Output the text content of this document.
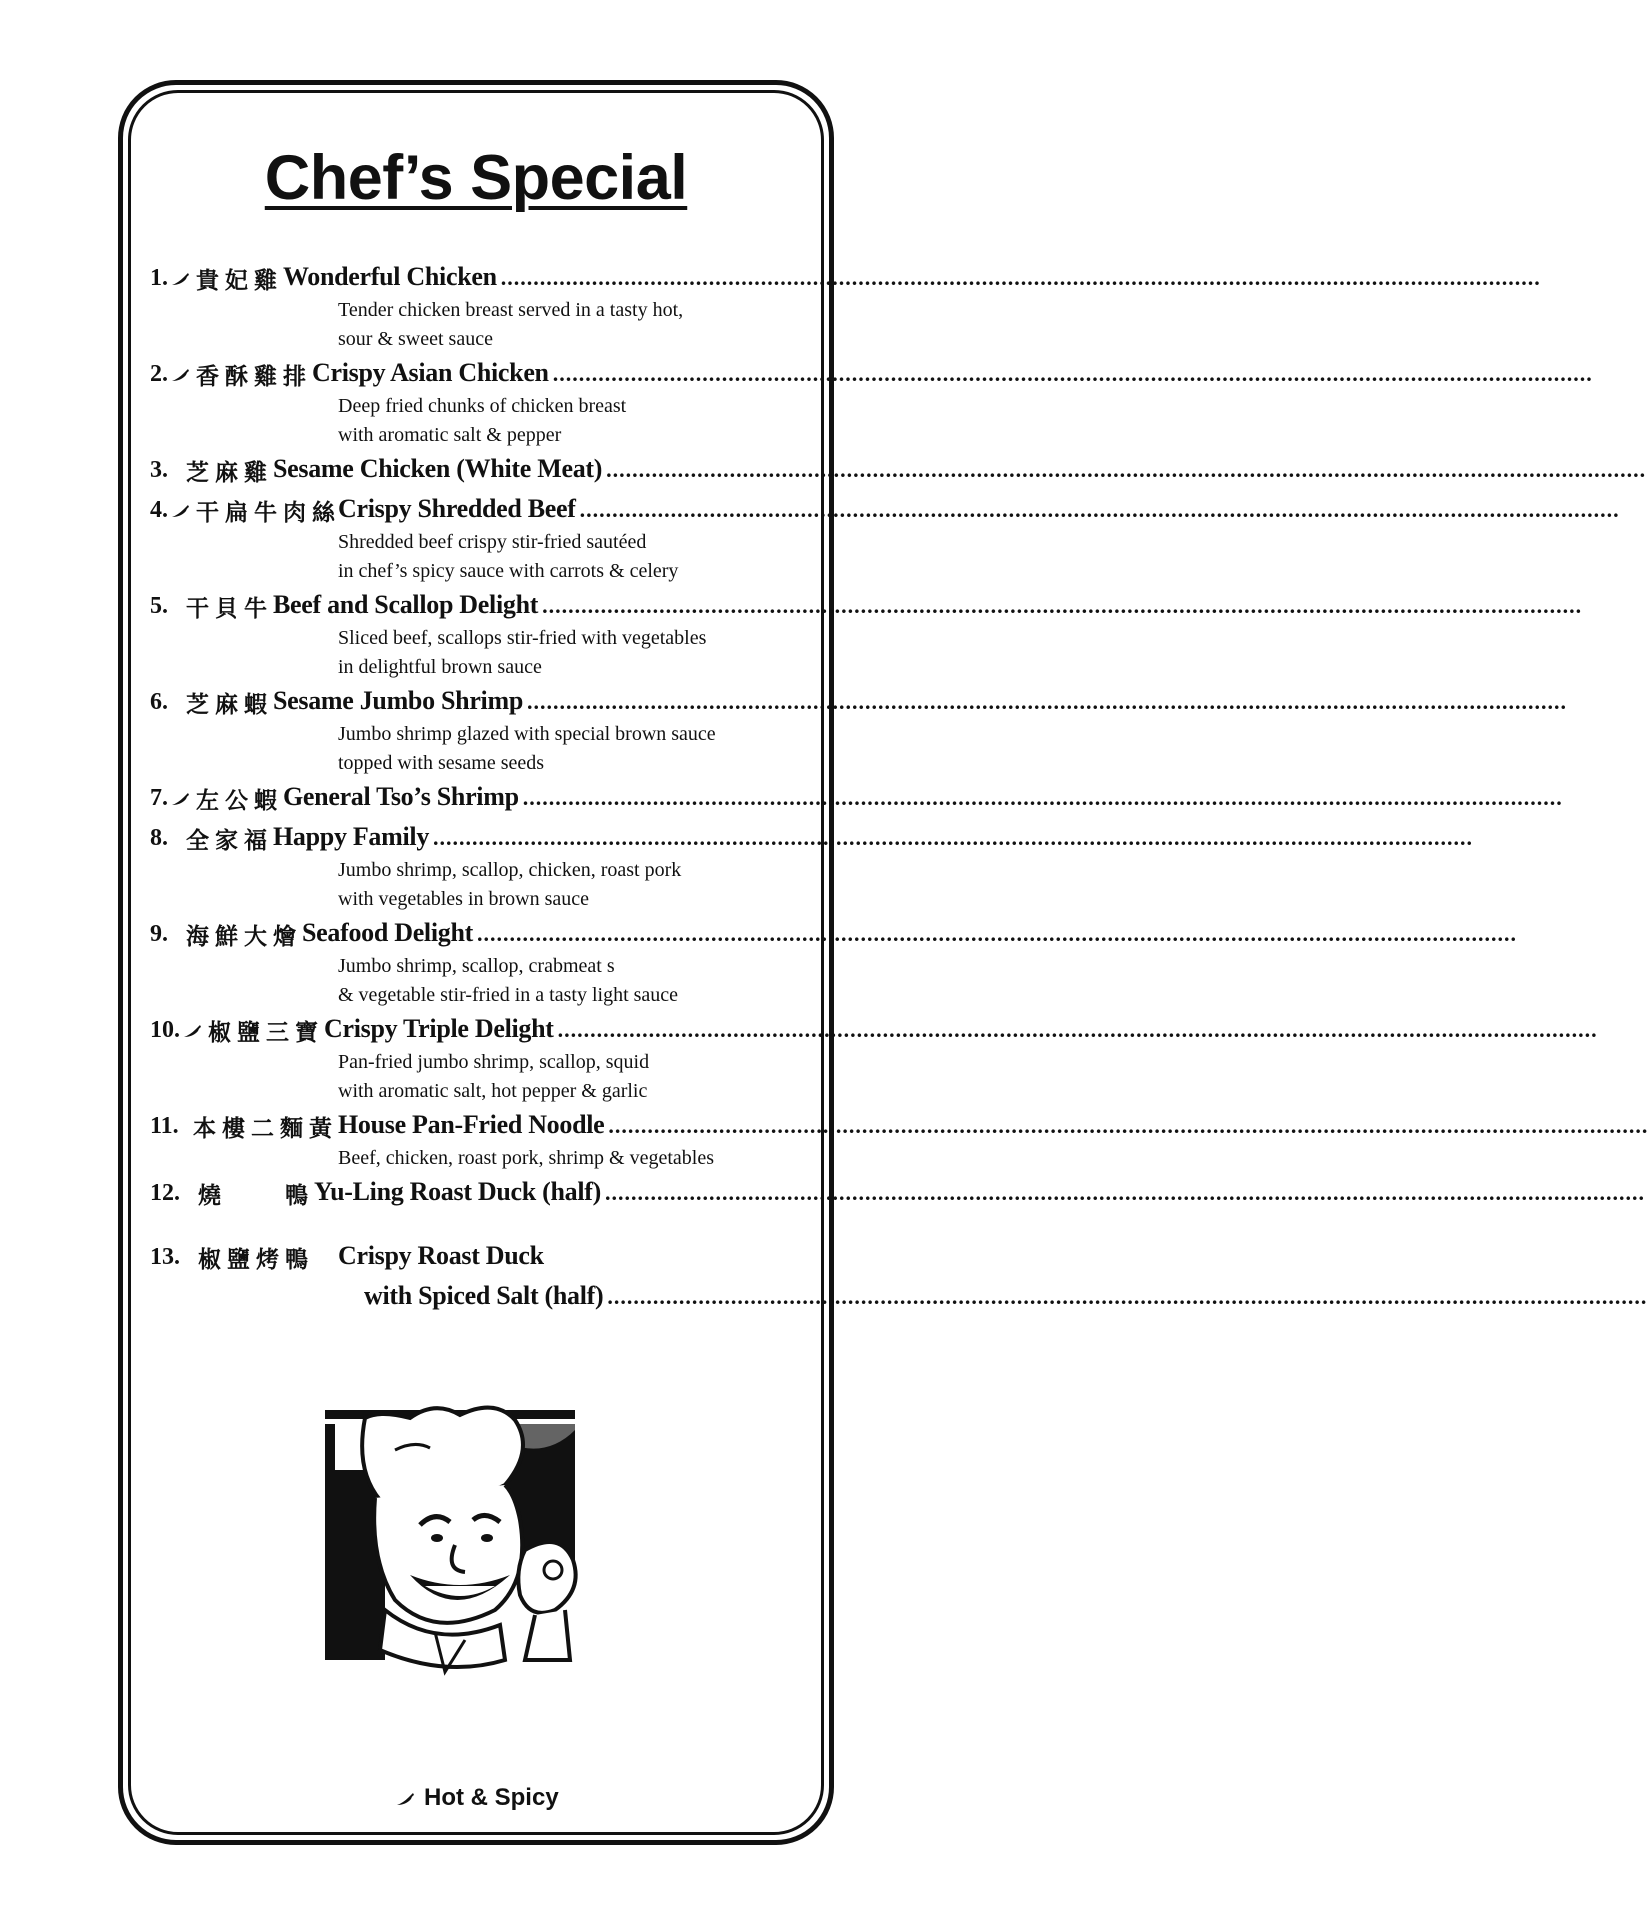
Chef’s Special
1. 貴妃雞 Wonderful Chicken ................................................................................................................................................................
Tender chicken breast served in a tasty hot,
sour & sweet sauce
2. 香酥雞排 Crispy Asian Chicken ................................................................................................................................................................
Deep fried chunks of chicken breast
with aromatic salt & pepper
3. 芝麻雞 Sesame Chicken (White Meat) ................................................................................................................................................................
4. 干扁牛肉絲
Crispy Shredded Beef ................................................................................................................................................................
Shredded beef crispy stir-fried sautéed
in chef’s spicy sauce with carrots & celery
5. 干貝牛 Beef and Scallop Delight ................................................................................................................................................................
Sliced beef, scallops stir-fried with vegetables
in delightful brown sauce
6. 芝麻蝦 Sesame Jumbo Shrimp ................................................................................................................................................................
Jumbo shrimp glazed with special brown sauce
topped with sesame seeds
7. 左公蝦 General Tso’s Shrimp ................................................................................................................................................................
8. 全家福 Happy Family ................................................................................................................................................................
Jumbo shrimp, scallop, chicken, roast pork
with vegetables in brown sauce
9. 海鮮大燴 Seafood Delight ................................................................................................................................................................
Jumbo shrimp, scallop, crabmeat s
& vegetable stir-fried in a tasty light sauce
10. 椒鹽三寶 Crispy Triple Delight ................................................................................................................................................................
Pan-fried jumbo shrimp, scallop, squid
with aromatic salt, hot pepper & garlic
11. 本樓二麵黃 House Pan-Fried Noodle ................................................................................................................................................................
Beef, chicken, roast pork, shrimp & vegetables
12. 燒　　鴨 Yu-Ling Roast Duck (half) ................................................................................................................................................................
13. 椒鹽烤鴨 Crispy Roast Duck
with Spiced Salt (half) ................................................................................................................................................................
Hot & Spicy
